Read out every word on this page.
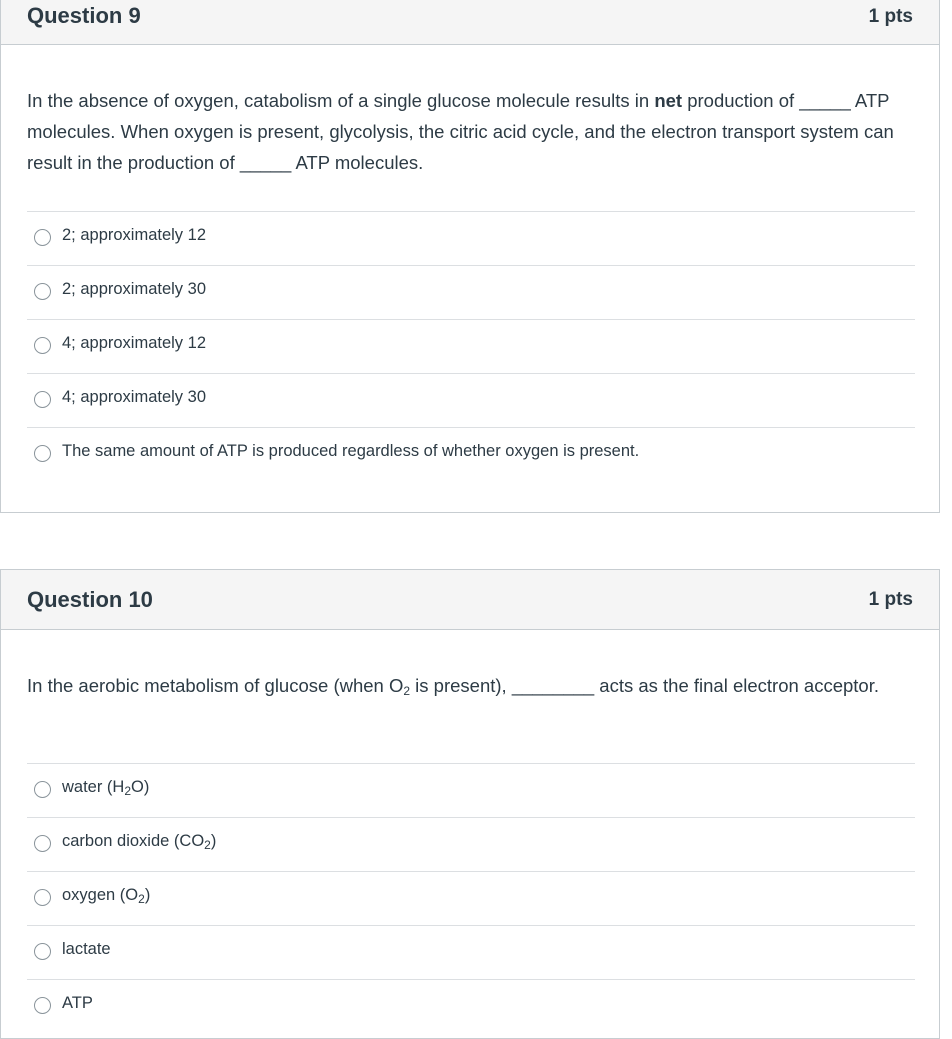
Question 9	1 pts
In the absence of oxygen, catabolism of a single glucose molecule results in net production of _____ ATP molecules. When oxygen is present, glycolysis, the citric acid cycle, and the electron transport system can result in the production of _____ ATP molecules.
2; approximately 12
2; approximately 30
4; approximately 12
4; approximately 30
The same amount of ATP is produced regardless of whether oxygen is present.
Question 10	1 pts
In the aerobic metabolism of glucose (when $O_2$ is present), ________ acts as the final electron acceptor.
water $(H_2O)$
carbon dioxide $(CO_2)$
oxygen $(O_2)$
lactate
ATP
